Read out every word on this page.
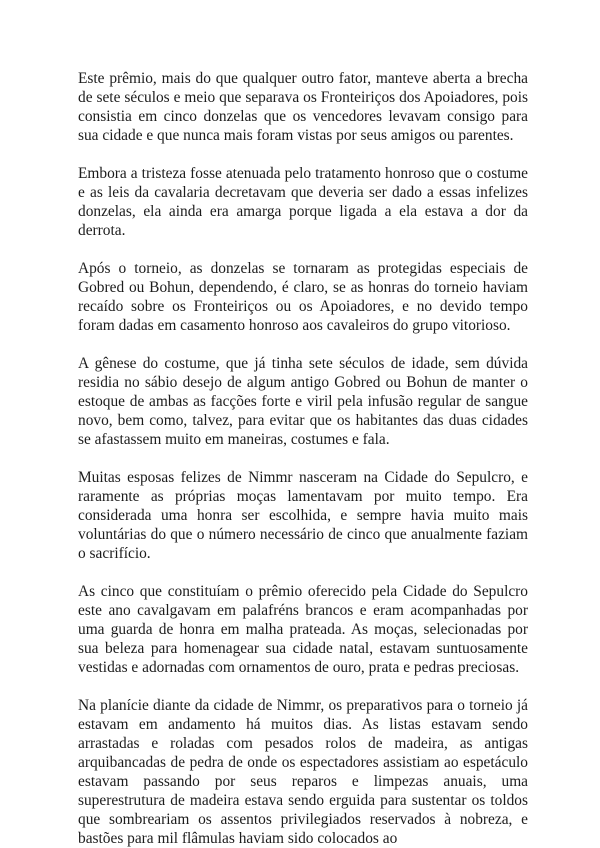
Este prêmio, mais do que qualquer outro fator, manteve aberta a brecha de sete séculos e meio que separava os Fronteiriços dos Apoiadores, pois consistia em cinco donzelas que os vencedores levavam consigo para sua cidade e que nunca mais foram vistas por seus amigos ou parentes.

Embora a tristeza fosse atenuada pelo tratamento honroso que o costume e as leis da cavalaria decretavam que deveria ser dado a essas infelizes donzelas, ela ainda era amarga porque ligada a ela estava a dor da derrota.

Após o torneio, as donzelas se tornaram as protegidas especiais de Gobred ou Bohun, dependendo, é claro, se as honras do torneio haviam recaído sobre os Fronteiriços ou os Apoiadores, e no devido tempo foram dadas em casamento honroso aos cavaleiros do grupo vitorioso.

A gênese do costume, que já tinha sete séculos de idade, sem dúvida residia no sábio desejo de algum antigo Gobred ou Bohun de manter o estoque de ambas as facções forte e viril pela infusão regular de sangue novo, bem como, talvez, para evitar que os habitantes das duas cidades se afastassem muito em maneiras, costumes e fala.

Muitas esposas felizes de Nimmr nasceram na Cidade do Sepulcro, e raramente as próprias moças lamentavam por muito tempo. Era considerada uma honra ser escolhida, e sempre havia muito mais voluntárias do que o número necessário de cinco que anualmente faziam o sacrifício.

As cinco que constituíam o prêmio oferecido pela Cidade do Sepulcro este ano cavalgavam em palafréns brancos e eram acompanhadas por uma guarda de honra em malha prateada. As moças, selecionadas por sua beleza para homenagear sua cidade natal, estavam suntuosamente vestidas e adornadas com ornamentos de ouro, prata e pedras preciosas.

Na planície diante da cidade de Nimmr, os preparativos para o torneio já estavam em andamento há muitos dias. As listas estavam sendo arrastadas e roladas com pesados rolos de madeira, as antigas arquibancadas de pedra de onde os espectadores assistiam ao espetáculo estavam passando por seus reparos e limpezas anuais, uma superestrutura de madeira estava sendo erguida para sustentar os toldos que sombreariam os assentos privilegiados reservados à nobreza, e bastões para mil flâmulas haviam sido colocados ao
